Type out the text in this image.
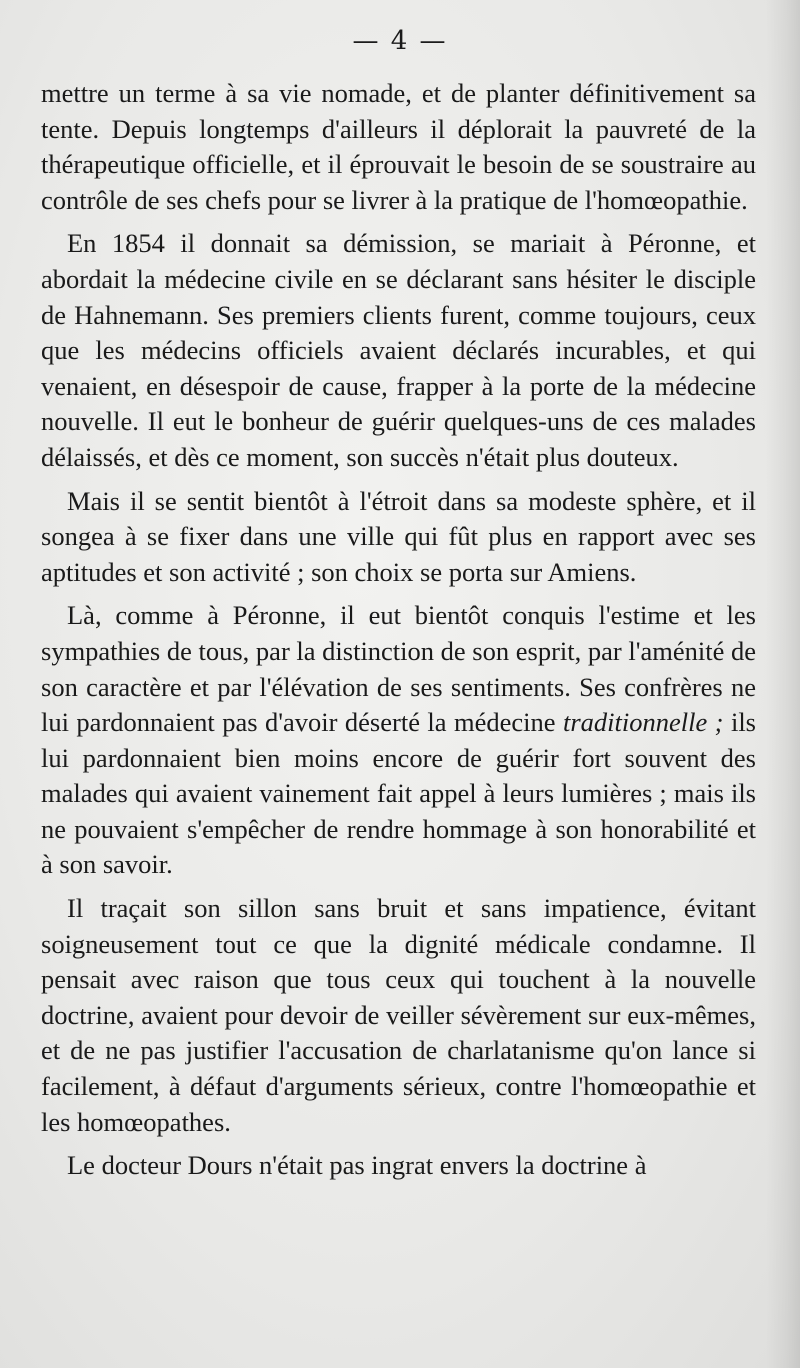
— 4 —

mettre un terme à sa vie nomade, et de planter définitivement sa tente. Depuis longtemps d'ailleurs il déplorait la pauvreté de la thérapeutique officielle, et il éprouvait le besoin de se soustraire au contrôle de ses chefs pour se livrer à la pratique de l'homœopathie.

En 1854 il donnait sa démission, se mariait à Péronne, et abordait la médecine civile en se déclarant sans hésiter le disciple de Hahnemann. Ses premiers clients furent, comme toujours, ceux que les médecins officiels avaient déclarés incurables, et qui venaient, en désespoir de cause, frapper à la porte de la médecine nouvelle. Il eut le bonheur de guérir quelques-uns de ces malades délaissés, et dès ce moment, son succès n'était plus douteux.

Mais il se sentit bientôt à l'étroit dans sa modeste sphère, et il songea à se fixer dans une ville qui fût plus en rapport avec ses aptitudes et son activité ; son choix se porta sur Amiens.

Là, comme à Péronne, il eut bientôt conquis l'estime et les sympathies de tous, par la distinction de son esprit, par l'aménité de son caractère et par l'élévation de ses sentiments. Ses confrères ne lui pardonnaient pas d'avoir déserté la médecine traditionnelle ; ils lui pardonnaient bien moins encore de guérir fort souvent des malades qui avaient vainement fait appel à leurs lumières ; mais ils ne pouvaient s'empêcher de rendre hommage à son honorabilité et à son savoir.

Il traçait son sillon sans bruit et sans impatience, évitant soigneusement tout ce que la dignité médicale condamne. Il pensait avec raison que tous ceux qui touchent à la nouvelle doctrine, avaient pour devoir de veiller sévèrement sur eux-mêmes, et de ne pas justifier l'accusation de charlatanisme qu'on lance si facilement, à défaut d'arguments sérieux, contre l'homœopathie et les homœopathes.

Le docteur Dours n'était pas ingrat envers la doctrine à
